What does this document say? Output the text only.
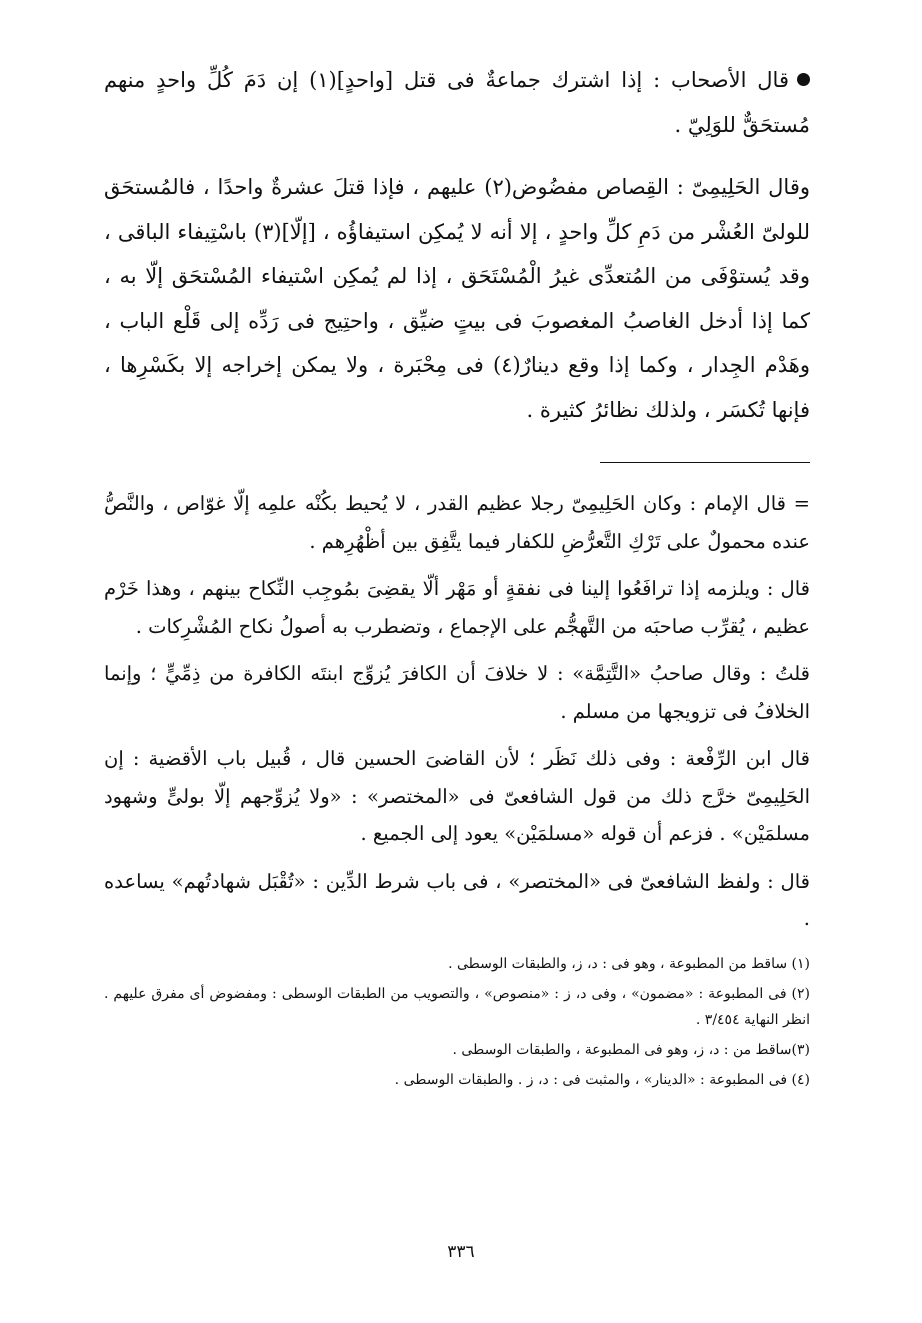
قال الأصحاب : إذا اشترك جماعةٌ فى قتل [واحدٍ](١) إن دَمَ كُلِّ واحدٍ منهم مُستحَقٌّ للوَلِيّ .

وقال الحَلِيمِىّ : القِصاص مفضُوض(٢) عليهم ، فإذا قتلَ عشرةٌ واحدًا ، فالمُستحَق للولىّ العُشْر من دَمِ كلِّ واحدٍ ، إلا أنه لا يُمكِن استيفاؤُه ، [إلّا](٣) باسْتِيفاء الباقى ، وقد يُستوْفَى من المُتعدِّى غيرُ الْمُسْتَحَق ، إذا لم يُمكِن اسْتيفاء المُسْتحَق إلّا به ، كما إذا أدخل الغاصبُ المغصوبَ فى بيتٍ ضيِّق ، واحتِيج فى رَدِّه إلى قَلْع الباب ، وهَدْم الجِدار ، وكما إذا وقع دينارٌ(٤) فى مِحْبَرة ، ولا يمكن إخراجه إلا بكَسْرِها ، فإنها تُكسَر ، ولذلك نظائرُ كثيرة .

= قال الإمام : وكان الحَلِيمِىّ رجلا عظيم القدر ، لا يُحيط بكُنْه علمِه إلّا غوّاص ، والنَّصُّ عنده محمولٌ على تَرْكِ التَّعرُّضِ للكفار فيما يتَّفِق بين أظْهُرِهم .

قال : ويلزمه إذا ترافَعُوا إلينا فى نفقةٍ أو مَهْر ألّا يقضِىَ بمُوجِب النِّكاح بينهم ، وهذا خَرْم عظيم ، يُقرِّب صاحبَه من التَّهجُّم على الإجماع ، وتضطرب به أصولُ نكاح المُشْرِكات .

قلتُ : وقال صاحبُ «التَّتِمَّة» : لا خلافَ أن الكافرَ يُزوِّج ابنتَه الكافرة من ذِمِّيٍّ ؛ وإنما الخلافُ فى تزويجها من مسلم .

قال ابن الرِّفْعة : وفى ذلك نَظَر ؛ لأن القاضىَ الحسين قال ، قُبيل باب الأقضية : إن الحَلِيمِىّ خرَّج ذلك من قول الشافعىّ فى «المختصر» : «ولا يُزوِّجهم إلّا بولىٍّ وشهود مسلمَيْن» . فزعم أن قوله «مسلمَيْن» يعود إلى الجميع .

قال : ولفظ الشافعىّ فى «المختصر» ، فى باب شرط الدِّين : «تُقْبَل شهادتُهم» يساعده .

(١) ساقط من المطبوعة ، وهو فى : د، ز، والطبقات الوسطى .

(٢) فى المطبوعة : «مضمون» ، وفى د، ز : «منصوص» ، والتصويب من الطبقات الوسطى : ومفضوض أى مفرق عليهم . انظر النهاية ٣/٤٥٤ .

(٣)ساقط من : د، ز، وهو فى المطبوعة ، والطبقات الوسطى .

(٤) فى المطبوعة : «الدينار» ، والمثبت فى : د، ز . والطبقات الوسطى .

٣٣٦
